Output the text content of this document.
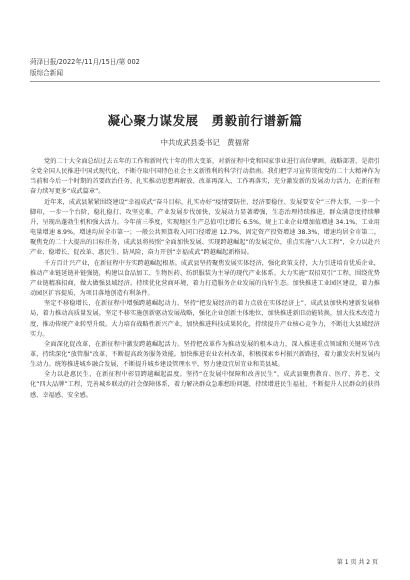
菏泽日报/2022年/11月/15日/第 002
版综合新闻
凝心聚力谋发展　勇毅前行谱新篇
中共成武县委书记　黄福常

党的二十大全面总结过去五年的工作和新时代十年的伟大变革，对新征程中党和国家事业进行高位擘画、战略部署，是指引全党全国人民推进中国式现代化、不断夺取中国特色社会主义新胜利的科学行动指南。我们把学习宣传贯彻党的二十大精神作为当前和今后一个时期的首要政治任务，扎实推动思想再解放、改革再深入、工作再落实，充分激发新的发展动力活力，在新征程奋力续写更多“成武篇章”。

近年来，成武县紧紧围绕建设“幸福成武”奋斗目标，扎实办好“疫情要防住、经济要稳住、发展要安全”三件大事，一步一个脚印，一步一个台阶，稳扎稳打、攻坚克难，产业发展步伐加快，发展动力显著增强，生态治理持续推进，群众满意度持续攀升，呈现出蓬勃生机和强大活力。今年前三季度，实现地区生产总值可比增长 6.5%，规上工业企业增加值增速 34.1%，工业用电量增速 8.9%，增速均居全市第一；一般公共预算收入同口径增速 12.7%，固定资产投资增速 38.3%，增速均居全市第二。聚焦党的二十大提出的目标任务，成武县将按照“全面加快发展、实现跨越崛起”的发展定位，重点实施“八大工程”，全力以赴兴产业、稳增长、促改革、惠民生、防风险，奋力开创“幸福成武”跨越崛起新格局。

千方百计兴产业，在新征程中夯实跨越崛起根基。成武县坚持聚焦发展实体经济，强化政策支持，大力引进培育优质企业，推动产业链延链补链强链，构建以食品加工、生物医药、纺织服装为主导的现代产业体系。大力实施“双招双引”工程，围绕优势产业链精准招商，做大做强县域经济。持续优化营商环境，着力打造服务企业发展的良好生态。加快推进工业园区建设，着力推动园区扩容提质，为项目落地创造有利条件。

坚定不移稳增长，在新征程中增强跨越崛起动力。坚持“把发展经济的着力点放在实体经济上”，成武县加快构建新发展格局，着力推动高质量发展。坚定不移实施创新驱动发展战略，强化企业创新主体地位，加快推进新旧动能转换，加大技术改造力度，推动传统产业转型升级。大力培育战略性新兴产业，加快推进科技成果转化，持续提升产业核心竞争力，不断壮大县域经济实力。

全面深化促改革，在新征程中激发跨越崛起活力。坚持把改革作为推动发展的根本动力，深入推进重点领域和关键环节改革，持续深化“放管服”改革，不断提高政务服务效能。加快推进农业农村改革，积极探索乡村振兴新路径，着力激发农村发展内生动力。统筹推进城乡融合发展，不断提升城乡建设管理水平，努力建设宜居宜业和美县城。

全力以赴惠民生，在新征程中彰显跨越崛起温度。坚持“在发展中保障和改善民生”，成武县聚焦教育、医疗、养老、文化“四大品牌”工程，完善城乡联动的社会保障体系，着力解决群众急难愁盼问题，持续增进民生福祉，不断提升人民群众的获得感、幸福感、安全感。

第 1 页 共 2 页
